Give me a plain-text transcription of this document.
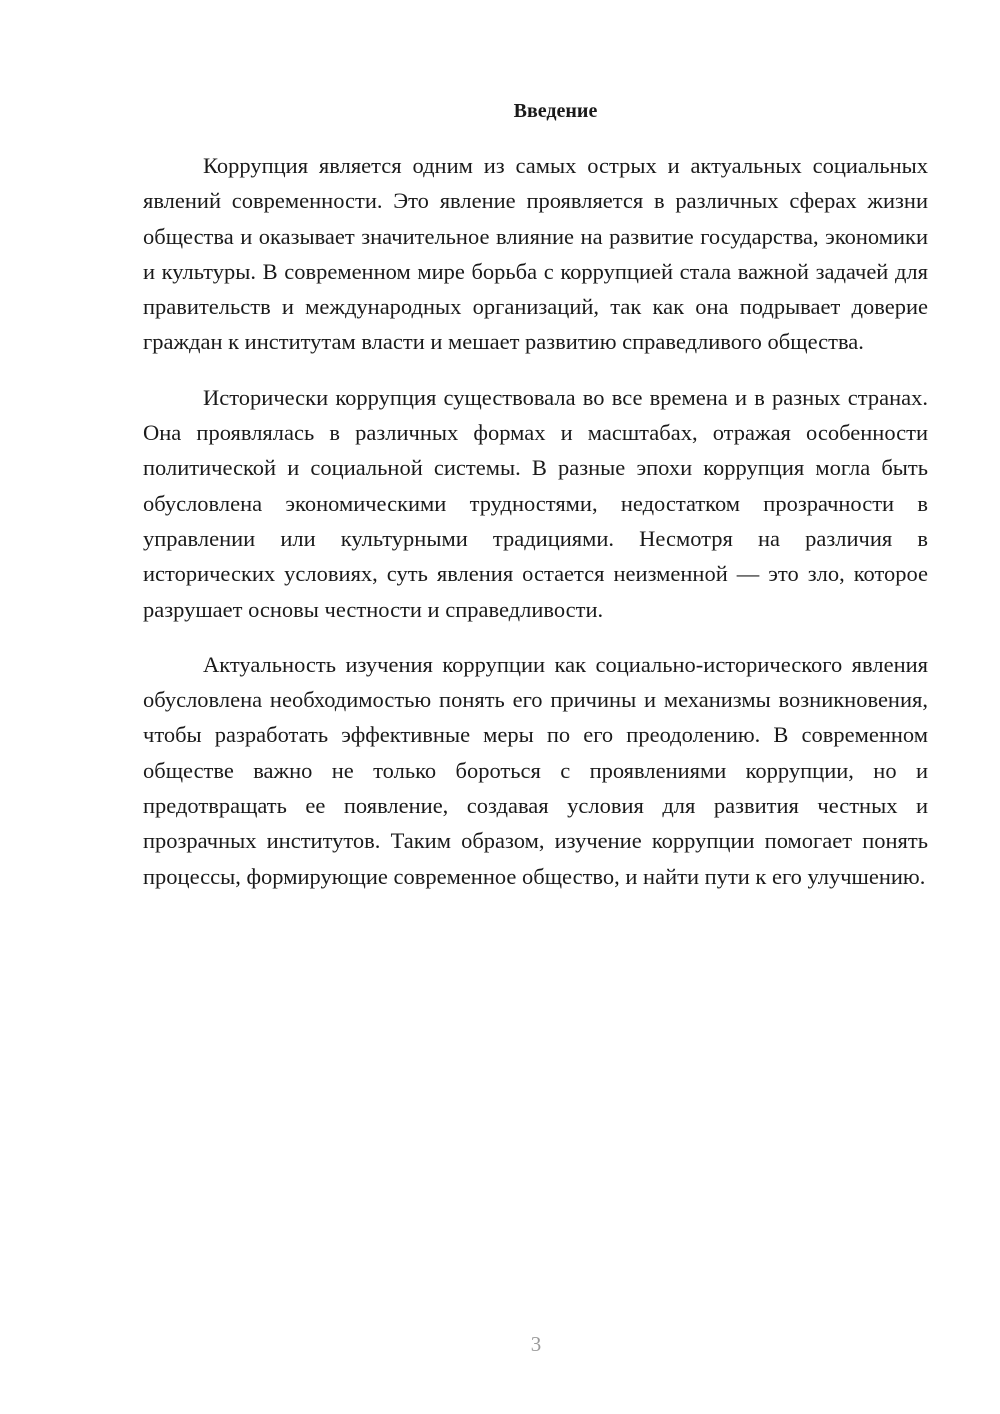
Введение

Коррупция является одним из самых острых и актуальных социальных явлений современности. Это явление проявляется в различных сферах жизни общества и оказывает значительное влияние на развитие государства, экономики и культуры. В современном мире борьба с коррупцией стала важной задачей для правительств и международных организаций, так как она подрывает доверие граждан к институтам власти и мешает развитию справедливого общества.

Исторически коррупция существовала во все времена и в разных странах. Она проявлялась в различных формах и масштабах, отражая особенности политической и социальной системы. В разные эпохи коррупция могла быть обусловлена экономическими трудностями, недостатком прозрачности в управлении или культурными традициями. Несмотря на различия в исторических условиях, суть явления остается неизменной — это зло, которое разрушает основы честности и справедливости.

Актуальность изучения коррупции как социально-исторического явления обусловлена необходимостью понять его причины и механизмы возникновения, чтобы разработать эффективные меры по его преодолению. В современном обществе важно не только бороться с проявлениями коррупции, но и предотвращать ее появление, создавая условия для развития честных и прозрачных институтов. Таким образом, изучение коррупции помогает понять процессы, формирующие современное общество, и найти пути к его улучшению.

3
